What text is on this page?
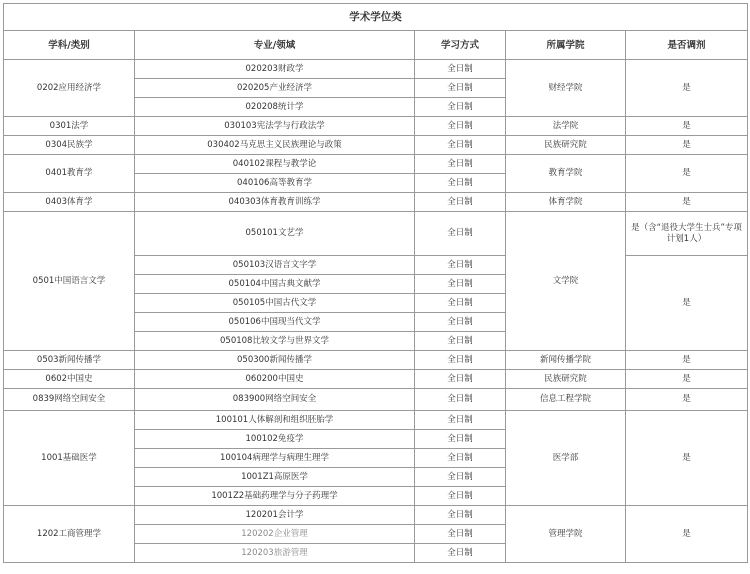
学术学位类				
学科/类别	专业/领域	学习方式	所属学院	是否调剂
0202应用经济学	020203财政学	全日制	财经学院	是
	020205产业经济学	全日制		
	020208统计学	全日制		
0301法学	030103宪法学与行政法学	全日制	法学院	是
0304民族学	030402马克思主义民族理论与政策	全日制	民族研究院	是
0401教育学	040102课程与教学论	全日制	教育学院	是
	040106高等教育学	全日制		
0403体育学	040303体育教育训练学	全日制	体育学院	是
0501中国语言文学	050101文艺学	全日制	文学院	是（含“退役大学生士兵”专项计划1人）
	050103汉语言文字学	全日制		是
	050104中国古典文献学	全日制		
	050105中国古代文学	全日制		
	050106中国现当代文学	全日制		
	050108比较文学与世界文学	全日制		
0503新闻传播学	050300新闻传播学	全日制	新闻传播学院	是
0602中国史	060200中国史	全日制	民族研究院	是
0839网络空间安全	083900网络空间安全	全日制	信息工程学院	是
1001基础医学	100101人体解剖和组织胚胎学	全日制	医学部	是
	100102免疫学	全日制		
	100104病理学与病理生理学	全日制		
	1001Z1高原医学	全日制		
	1001Z2基础药理学与分子药理学	全日制		
1202工商管理学	120201会计学	全日制	管理学院	是
	120202企业管理	全日制		
	120203旅游管理	全日制		
